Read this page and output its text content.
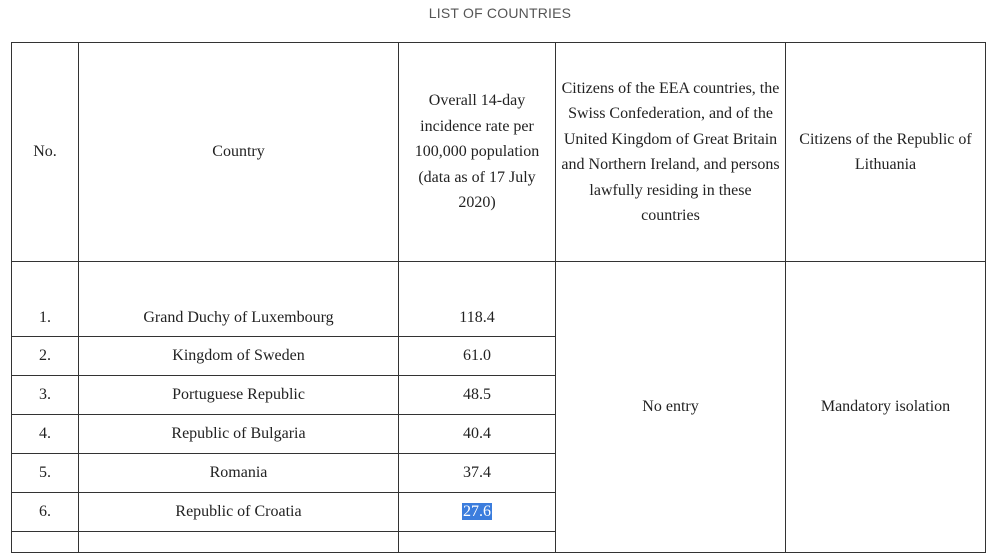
LIST OF COUNTRIES
No.	Country	Overall 14-day incidence rate per 100,000 population (data as of 17 July 2020)	Citizens of the EEA countries, the Swiss Confederation, and of the United Kingdom of Great Britain and Northern Ireland, and persons lawfully residing in these countries	Citizens of the Republic of Lithuania
1.	Grand Duchy of Luxembourg	118.4	No entry	Mandatory isolation
2.	Kingdom of Sweden	61.0		
3.	Portuguese Republic	48.5		
4.	Republic of Bulgaria	40.4		
5.	Romania	37.4		
6.	Republic of Croatia	27.6		
